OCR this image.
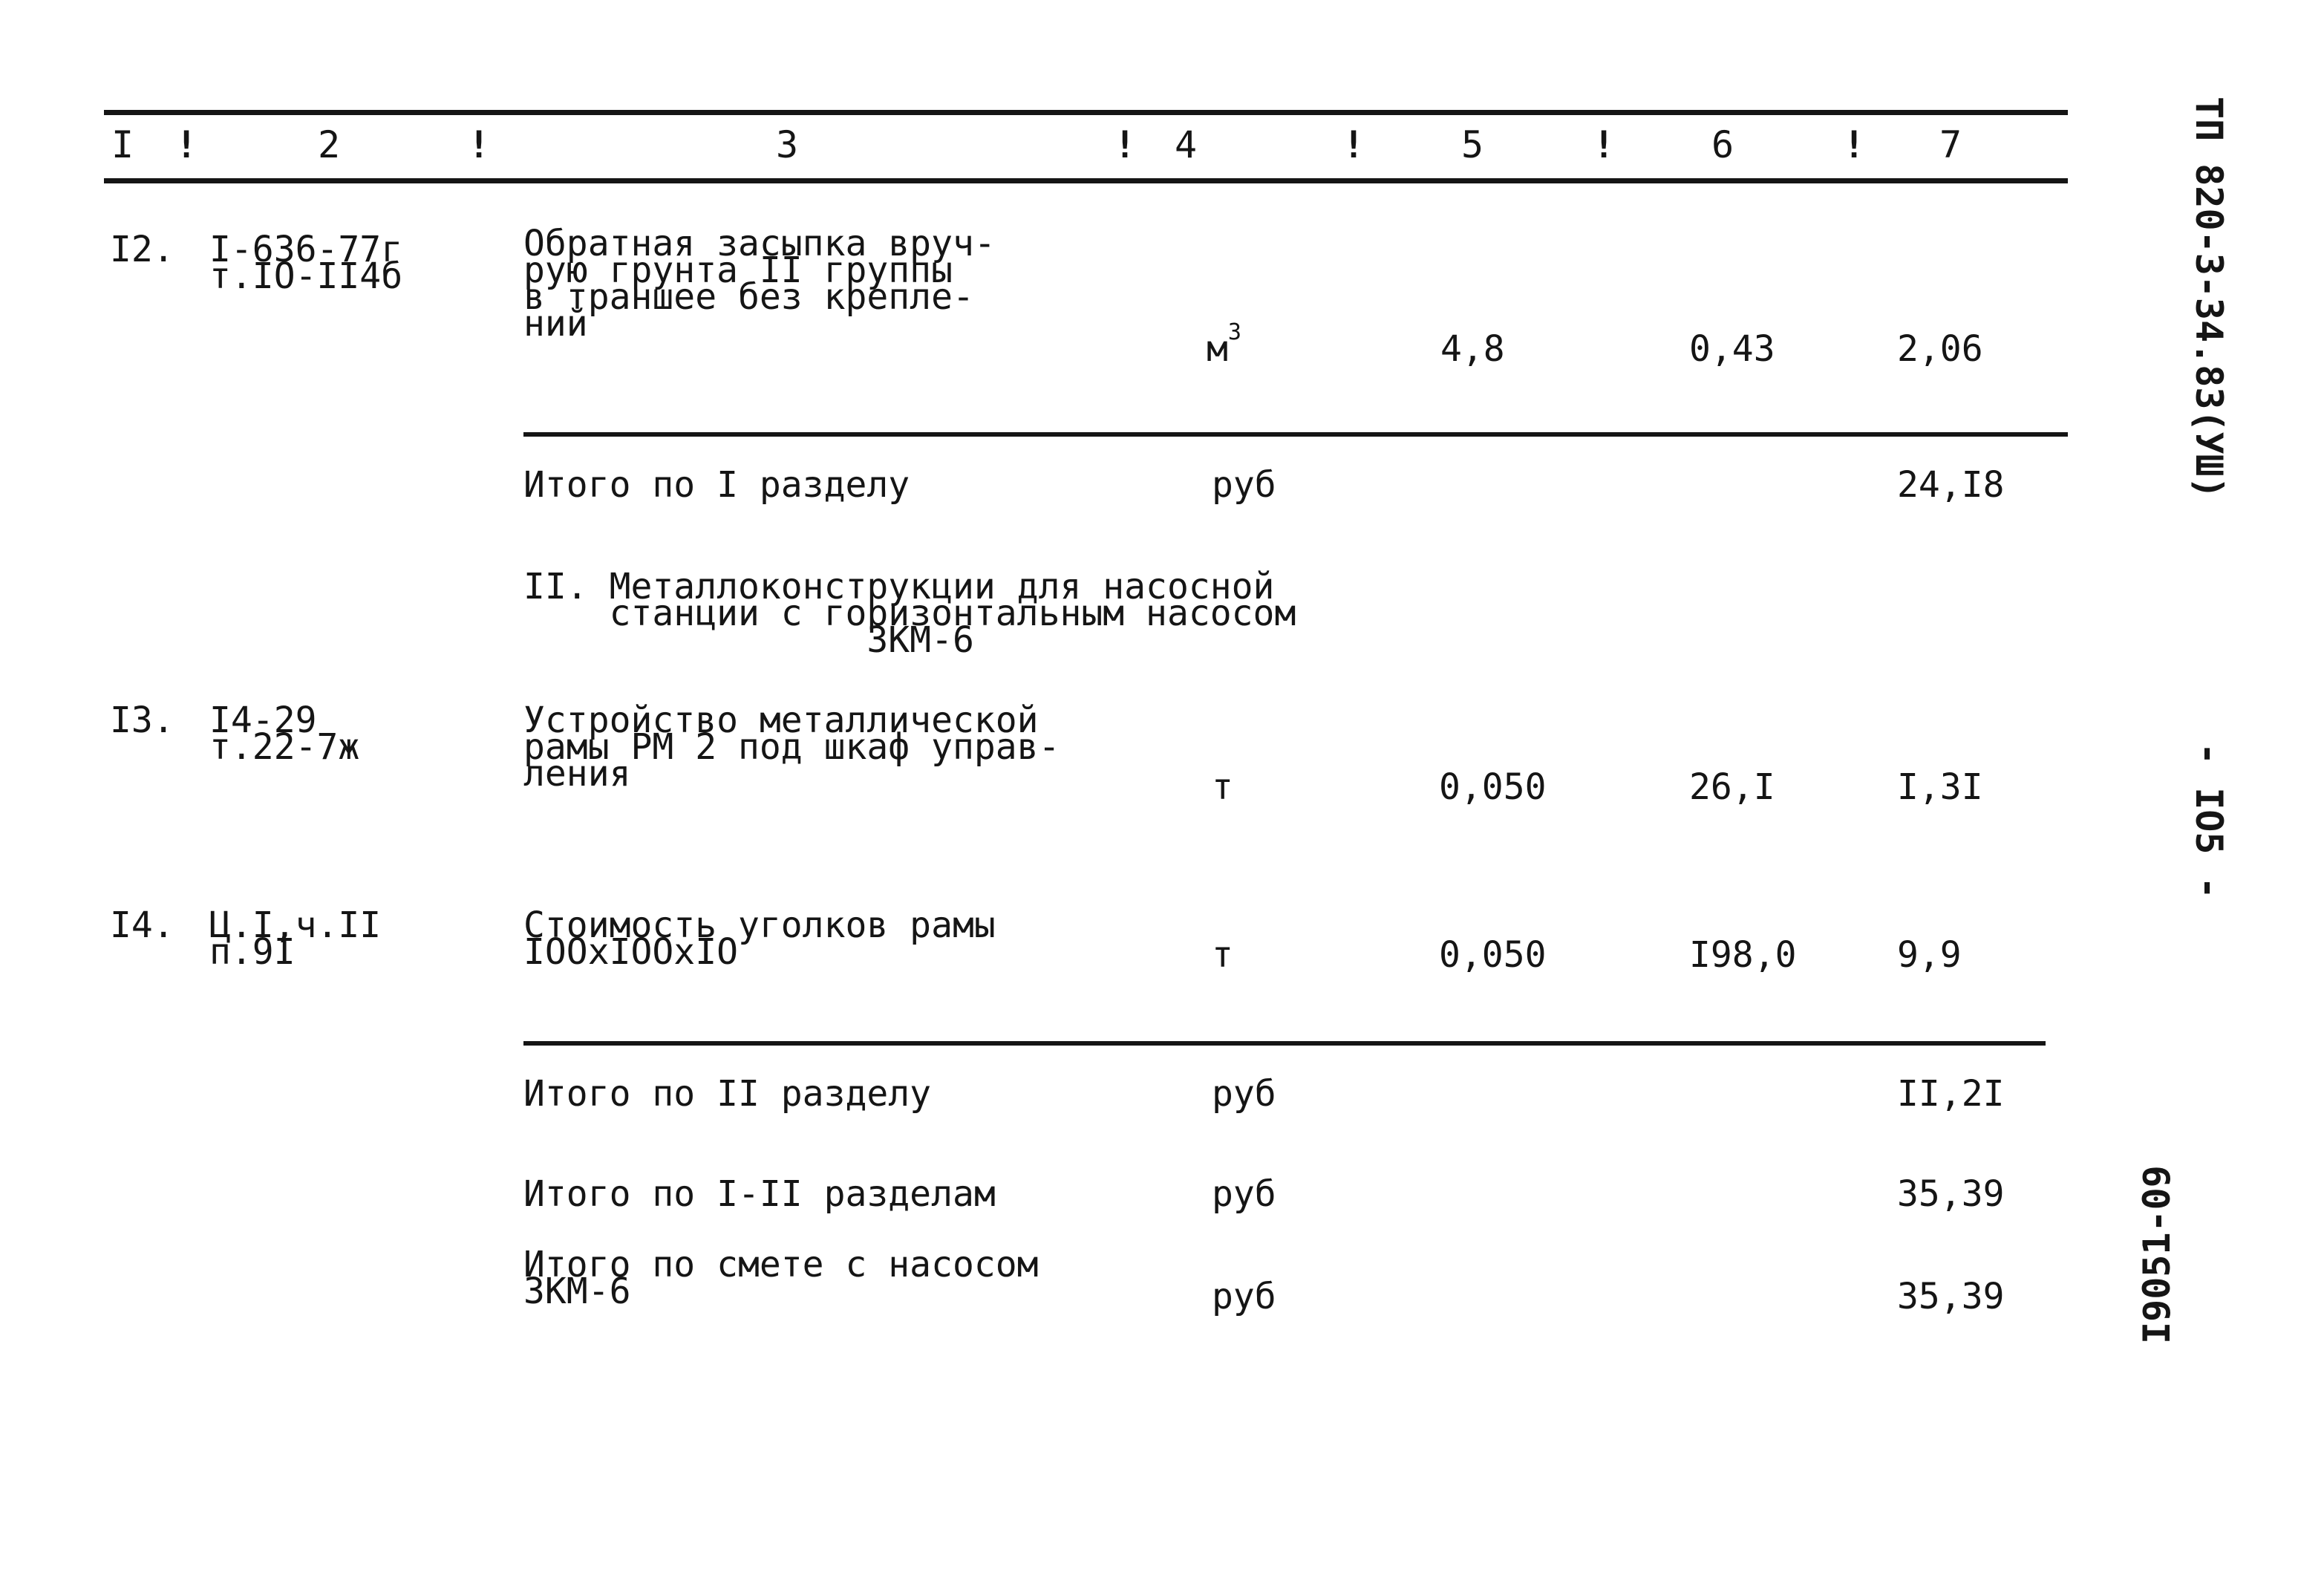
I	2	3	4	5	6	7
!	!	!	!	!	!
I2. I-636-77г
т.IO-II4б
Обратная засыпка вруч-
рую грунта II группы
в траншее без крепле-
ний
$м^3$	4,8	0,43	2,06
Итого по I разделу	руб	24,I8
II. Металлоконструкции для насосной
станции с горизонтальным насосом
3КМ-6
I3. I4-29
т.22-7ж
Устройство металлической
рамы РМ 2 под шкаф управ-
ления	т	0,050	26,I	I,3I
I4. Ц.I,ч.II
п.9I
Стоимость уголков рамы
IOOxIOOxIO	т	0,050	I98,0	9,9
Итого по II разделу	руб	II,2I
Итого по I-II разделам	руб	35,39
Итого по смете с насосом
3КМ-6	руб	35,39
ТП 820-3-34.83(УШ)
- IO5 -
I9051-09
